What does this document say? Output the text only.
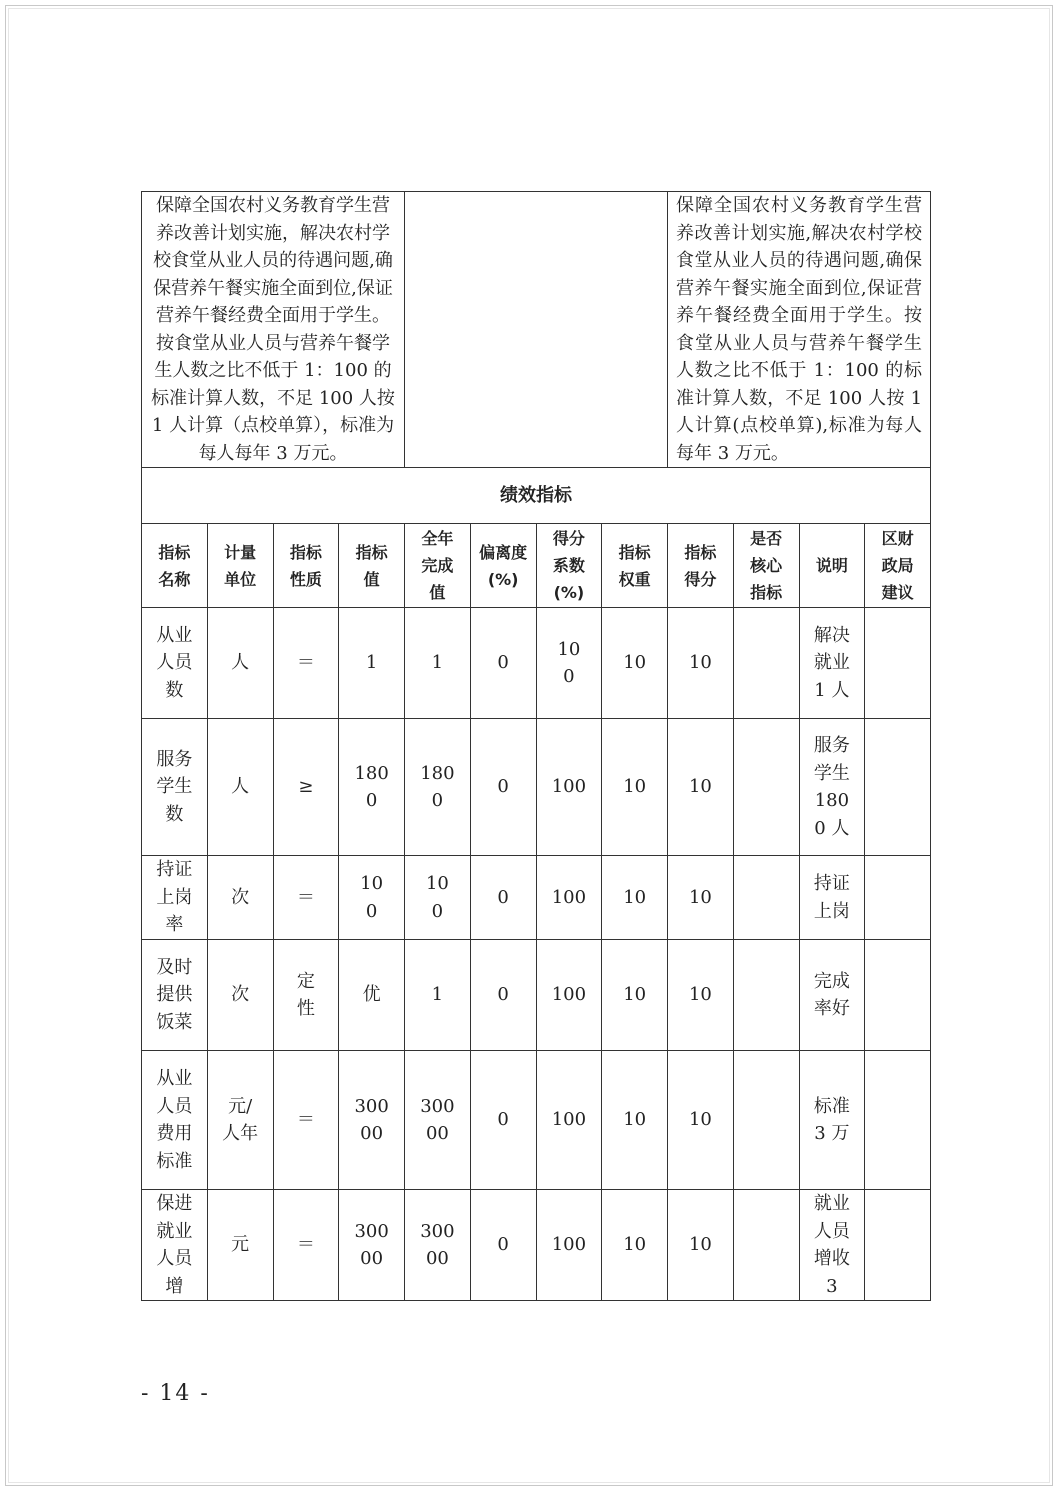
保障全国农村义务教育学生营养改善计划实施，解决农村学校食堂从业人员的待遇问题,确保营养午餐实施全面到位,保证营养午餐经费全面用于学生。按食堂从业人员与营养午餐学生人数之比不低于 1：100 的标准计算人数，不足 100 人按 1 人计算（点校单算），标准为每人每年 3 万元。								保障全国农村义务教育学生营养改善计划实施,解决农村学校食堂从业人员的待遇问题,确保营养午餐实施全面到位,保证营养午餐经费全面用于学生。按食堂从业人员与营养午餐学生人数之比不低于 1：100 的标准计算人数，不足 100 人按 1 人计算(点校单算),标准为每人每年 3 万元。			
绩效指标											
指标名称	计量单位	指标性质	指标值	全年完成值	偏离度(%)	得分系数(%)	指标权重	指标得分	是否核心指标	说明	区财政局建议
从业人员数	人	＝	1	1	0	100	10	10		解决就业 1 人	
服务学生数	人	≥	1800	1800	0	100	10	10		服务学生 1800 人	
持证上岗率	次	＝	100	100	0	100	10	10		持证上岗	
及时提供饭菜	次	定性	优	1	0	100	10	10		完成率好	
从业人员费用标准	元/人年	＝	30000	30000	0	100	10	10		标准 3 万	
保进就业人员增	元	＝	30000	30000	0	100	10	10		就业人员增收 3	
- 14 -
